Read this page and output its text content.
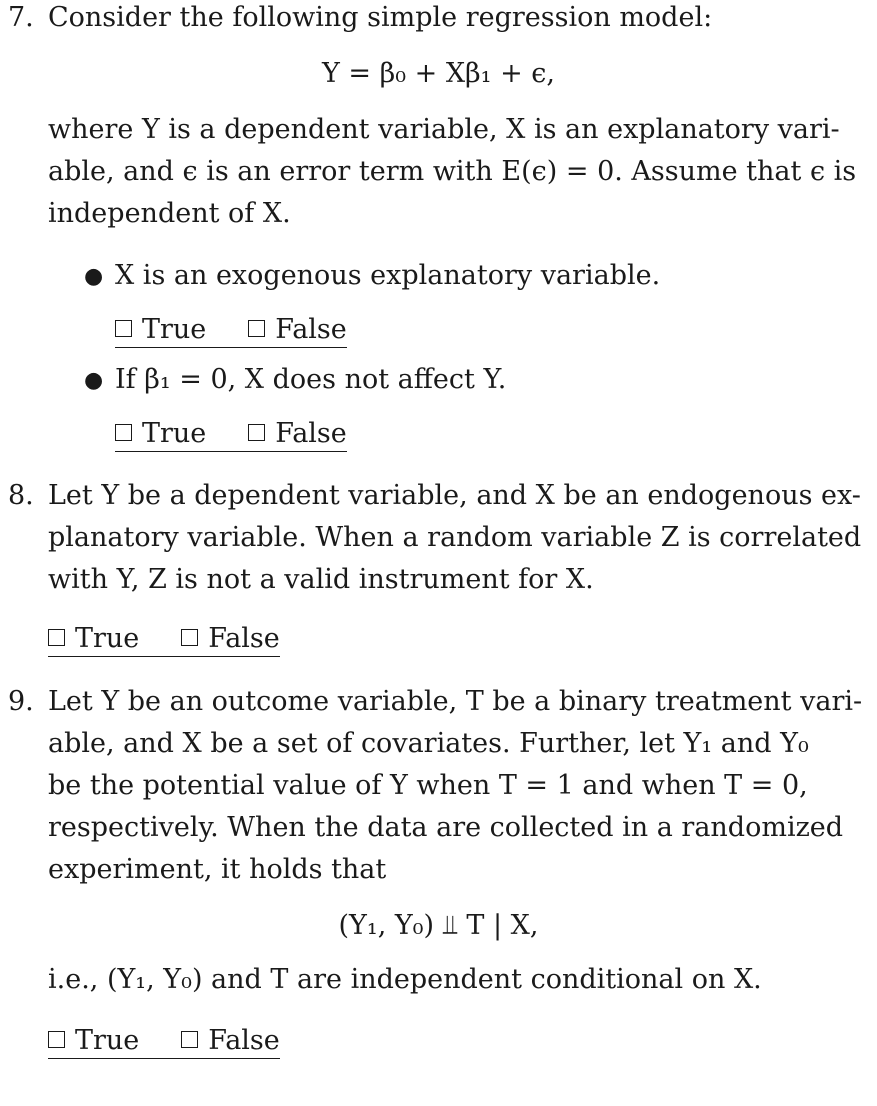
7. Consider the following simple regression model:
Y = β₀ + Xβ₁ + ϵ,
where Y is a dependent variable, X is an explanatory vari-
able, and ϵ is an error term with E(ϵ) = 0. Assume that ϵ is
independent of X.
● X is an exogenous explanatory variable.
True	False
● If β₁ = 0, X does not affect Y.
True	False
8. Let Y be a dependent variable, and X be an endogenous ex-
planatory variable. When a random variable Z is correlated
with Y, Z is not a valid instrument for X.
True	False
9. Let Y be an outcome variable, T be a binary treatment vari-
able, and X be a set of covariates. Further, let Y₁ and Y₀
be the potential value of Y when T = 1 and when T = 0,
respectively. When the data are collected in a randomized
experiment, it holds that
(Y₁, Y₀) ⫫ T | X,
i.e., (Y₁, Y₀) and T are independent conditional on X.
True	False
